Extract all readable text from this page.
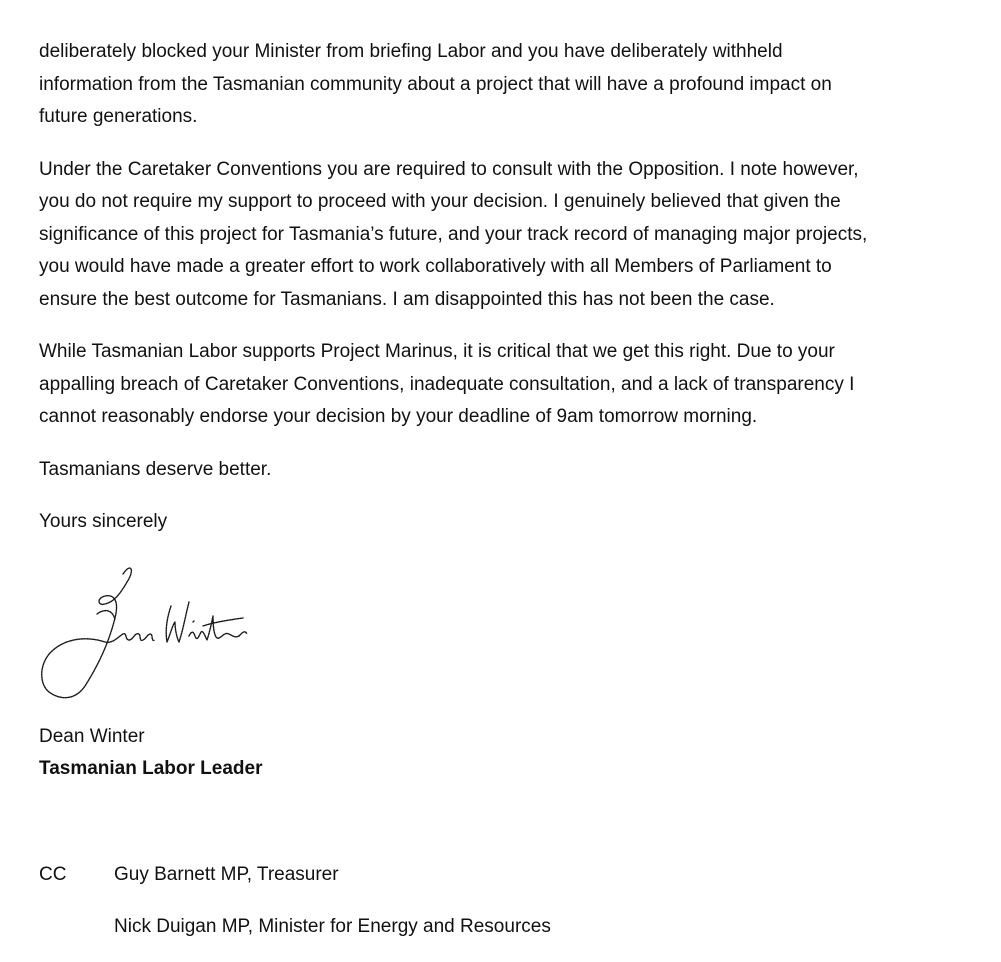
deliberately blocked your Minister from briefing Labor and you have deliberately withheld
information from the Tasmanian community about a project that will have a profound impact on
future generations.

Under the Caretaker Conventions you are required to consult with the Opposition. I note however,
you do not require my support to proceed with your decision. I genuinely believed that given the
significance of this project for Tasmania’s future, and your track record of managing major projects,
you would have made a greater effort to work collaboratively with all Members of Parliament to
ensure the best outcome for Tasmanians. I am disappointed this has not been the case.

While Tasmanian Labor supports Project Marinus, it is critical that we get this right. Due to your
appalling breach of Caretaker Conventions, inadequate consultation, and a lack of transparency I
cannot reasonably endorse your decision by your deadline of 9am tomorrow morning.

Tasmanians deserve better.

Yours sincerely

Dean Winter
Tasmanian Labor Leader
CC	Guy Barnett MP, Treasurer
Nick Duigan MP, Minister for Energy and Resources
